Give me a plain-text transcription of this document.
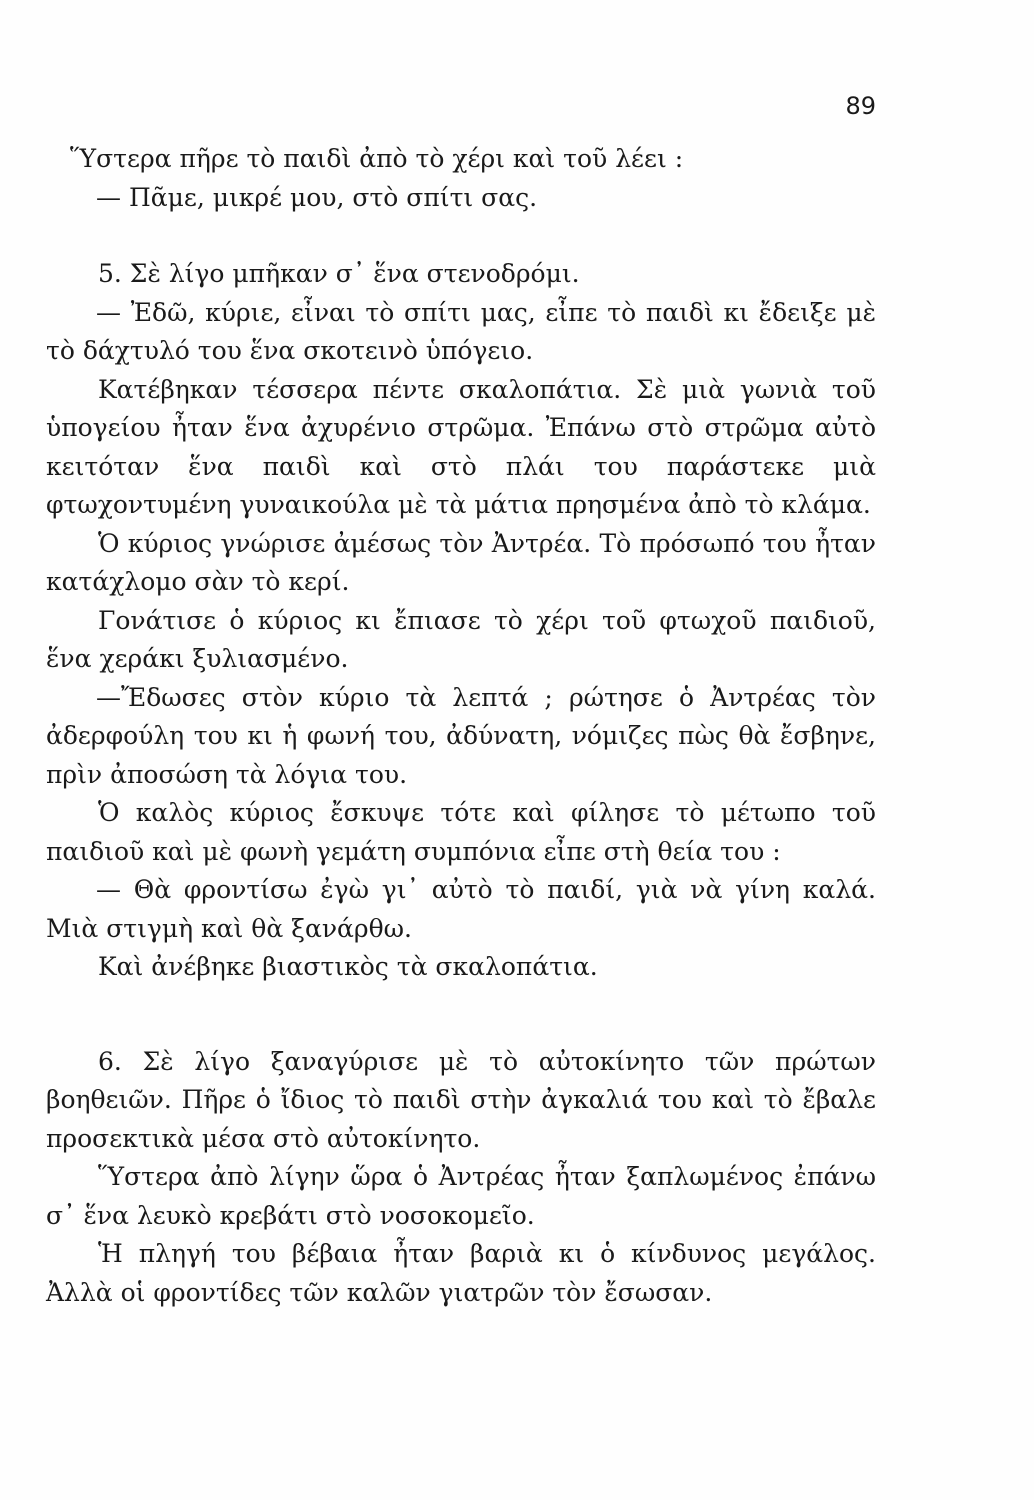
89

Ὕστερα πῆρε τὸ παιδὶ ἀπὸ τὸ χέρι καὶ τοῦ λέει :

— Πᾶμε, μικρέ μου, στὸ σπίτι σας.

5. Σὲ λίγο μπῆκαν σ᾽ ἕνα στενοδρόμι.

— Ἐδῶ, κύριε, εἶναι τὸ σπίτι μας, εἶπε τὸ παιδὶ κι ἔδειξε μὲ τὸ δάχτυλό του ἕνα σκοτεινὸ ὑπόγειο.

Κατέβηκαν τέσσερα πέντε σκαλοπάτια. Σὲ μιὰ γωνιὰ τοῦ ὑπογείου ἦταν ἕνα ἀχυρένιο στρῶμα. Ἐπάνω στὸ στρῶμα αὐτὸ κειτόταν ἕνα παιδὶ καὶ στὸ πλάι του παράστεκε μιὰ φτωχοντυμένη γυναικούλα μὲ τὰ μάτια πρησμένα ἀπὸ τὸ κλάμα.

Ὁ κύριος γνώρισε ἀμέσως τὸν Ἀντρέα. Τὸ πρόσωπό του ἦταν κατάχλομο σὰν τὸ κερί.

Γονάτισε ὁ κύριος κι ἔπιασε τὸ χέρι τοῦ φτωχοῦ παιδιοῦ, ἕνα χεράκι ξυλιασμένο.

—Ἔδωσες στὸν κύριο τὰ λεπτά ; ρώτησε ὁ Ἀντρέας τὸν ἀδερφούλη του κι ἡ φωνή του, ἀδύνατη, νόμιζες πὼς θὰ ἔσβηνε, πρὶν ἀποσώση τὰ λόγια του.

Ὁ καλὸς κύριος ἔσκυψε τότε καὶ φίλησε τὸ μέτωπο τοῦ παιδιοῦ καὶ μὲ φωνὴ γεμάτη συμπόνια εἶπε στὴ θεία του :

— Θὰ φροντίσω ἐγὼ γι᾽ αὐτὸ τὸ παιδί, γιὰ νὰ γίνη καλά. Μιὰ στιγμὴ καὶ θὰ ξανάρθω.

Καὶ ἀνέβηκε βιαστικὸς τὰ σκαλοπάτια.

6. Σὲ λίγο ξαναγύρισε μὲ τὸ αὐτοκίνητο τῶν πρώτων βοηθειῶν. Πῆρε ὁ ἴδιος τὸ παιδὶ στὴν ἀγκαλιά του καὶ τὸ ἔβαλε προσεκτικὰ μέσα στὸ αὐτοκίνητο.

Ὕστερα ἀπὸ λίγην ὥρα ὁ Ἀντρέας ἦταν ξαπλωμένος ἐπάνω σ᾽ ἕνα λευκὸ κρεβάτι στὸ νοσοκομεῖο.

Ἡ πληγή του βέβαια ἦταν βαριὰ κι ὁ κίνδυνος μεγάλος. Ἀλλὰ οἱ φροντίδες τῶν καλῶν γιατρῶν τὸν ἔσωσαν.
